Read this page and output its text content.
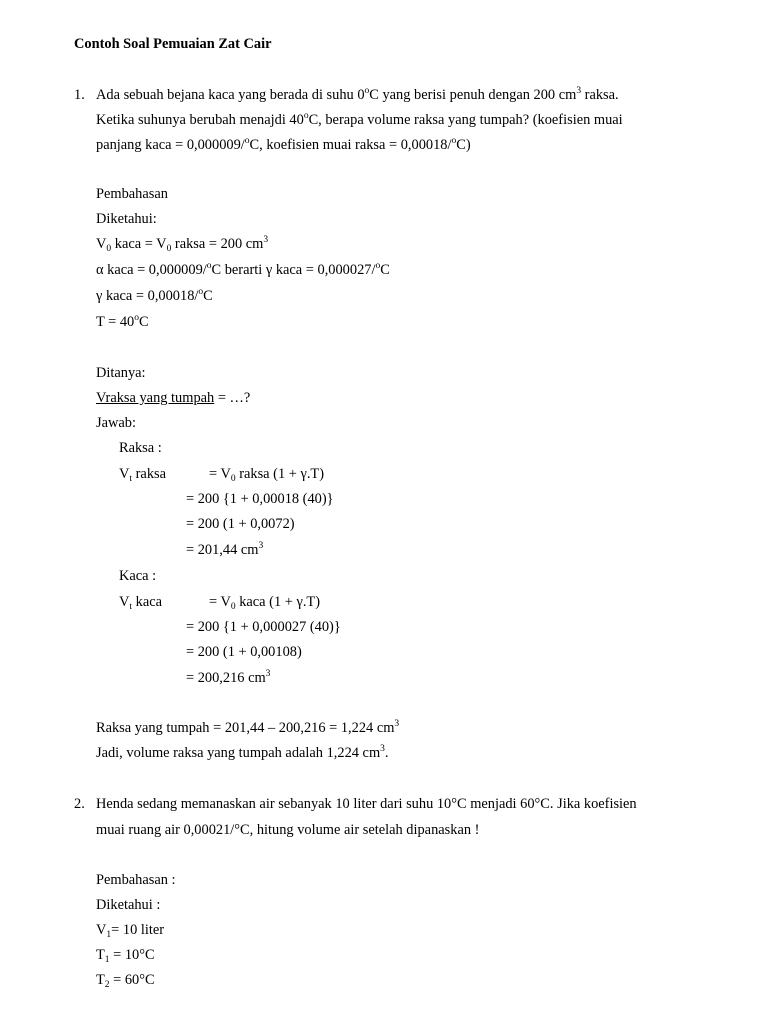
Contoh Soal Pemuaian Zat Cair
1. Ada sebuah bejana kaca yang berada di suhu 0$^o$C yang berisi penuh dengan 200 $cm^3$ raksa.
Ketika suhunya berubah menajdi 40$^o$C, berapa volume raksa yang tumpah? (koefisien muai
panjang kaca = 0,000009/$^o$C, koefisien muai raksa = 0,00018/$^o$C)
Pembahasan
Diketahui:
$V_0$ kaca = $V_0$ raksa = 200 $cm^3$
α kaca = 0,000009/$^o$C berarti γ kaca = 0,000027/$^o$C
γ kaca = 0,00018/$^o$C
$T = 40^oC$
Ditanya:
Vraksa yang tumpah = …?
Jawab:
Raksa :
$V_t$ raksa	= $V_0$ raksa (1 + γ.T)
= 200 {1 + 0,00018 (40)}
= 200 (1 + 0,0072)
= 201,44 $cm^3$
Kaca :
$V_t$ kaca	= $V_0$ kaca (1 + γ.T)
= 200 {1 + 0,000027 (40)}
= 200 (1 + 0,00108)
= 200,216 $cm^3$
Raksa yang tumpah = 201,44 – 200,216 = 1,224 $cm^3$
Jadi, volume raksa yang tumpah adalah 1,224 $cm^3$.
2. Henda sedang memanaskan air sebanyak 10 liter dari suhu 10°C menjadi 60°C. Jika koefisien
muai ruang air 0,00021/°C, hitung volume air setelah dipanaskan !
Pembahasan :
Diketahui :
$V_1= 10$ liter
$T_1 = 10^\circ C$
$T_2 = 60^\circ C$
